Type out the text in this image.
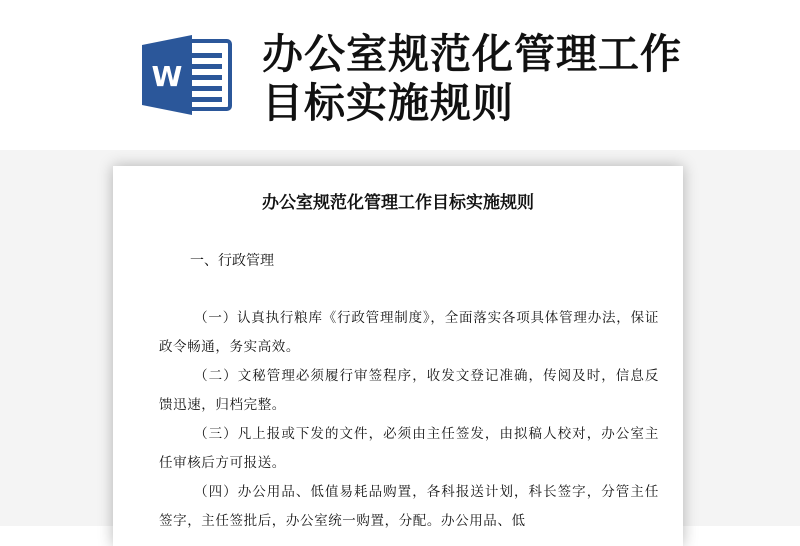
W 办公室规范化管理工作目标实施规则
办公室规范化管理工作目标实施规则
一、行政管理
（一）认真执行粮库《行政管理制度》，全面落实各项具体管理办法，保证政令畅通，务实高效。
（二）文秘管理必须履行审签程序，收发文登记准确，传阅及时，信息反馈迅速，归档完整。
（三）凡上报或下发的文件，必须由主任签发，由拟稿人校对，办公室主任审核后方可报送。
（四）办公用品、低值易耗品购置，各科报送计划，科长签字，分管主任签字，主任签批后，办公室统一购置，分配。办公用品、低
